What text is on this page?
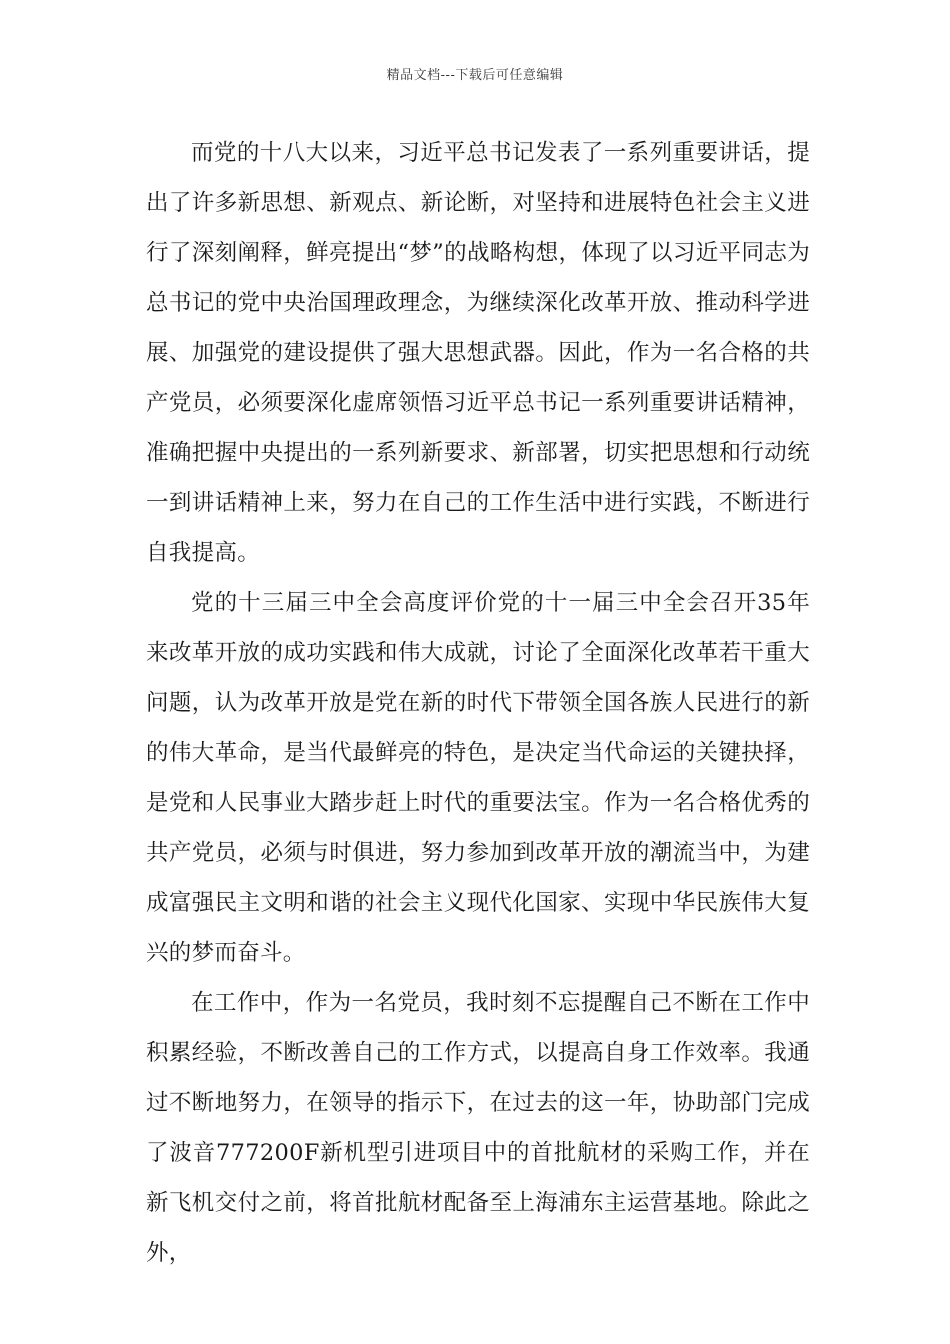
精品文档---下载后可任意编辑

而党的十八大以来，习近平总书记发表了一系列重要讲话，提出了许多新思想、新观点、新论断，对坚持和进展特色社会主义进行了深刻阐释，鲜亮提出“梦”的战略构想，体现了以习近平同志为总书记的党中央治国理政理念，为继续深化改革开放、推动科学进展、加强党的建设提供了强大思想武器。因此，作为一名合格的共产党员，必须要深化虚席领悟习近平总书记一系列重要讲话精神，准确把握中央提出的一系列新要求、新部署，切实把思想和行动统一到讲话精神上来，努力在自己的工作生活中进行实践，不断进行自我提高。

党的十三届三中全会高度评价党的十一届三中全会召开35年来改革开放的成功实践和伟大成就，讨论了全面深化改革若干重大问题，认为改革开放是党在新的时代下带领全国各族人民进行的新的伟大革命，是当代最鲜亮的特色，是决定当代命运的关键抉择，是党和人民事业大踏步赶上时代的重要法宝。作为一名合格优秀的共产党员，必须与时俱进，努力参加到改革开放的潮流当中，为建成富强民主文明和谐的社会主义现代化国家、实现中华民族伟大复兴的梦而奋斗。

在工作中，作为一名党员，我时刻不忘提醒自己不断在工作中积累经验，不断改善自己的工作方式，以提高自身工作效率。我通过不断地努力，在领导的指示下，在过去的这一年，协助部门完成了波音777200F新机型引进项目中的首批航材的采购工作，并在新飞机交付之前，将首批航材配备至上海浦东主运营基地。除此之外，
